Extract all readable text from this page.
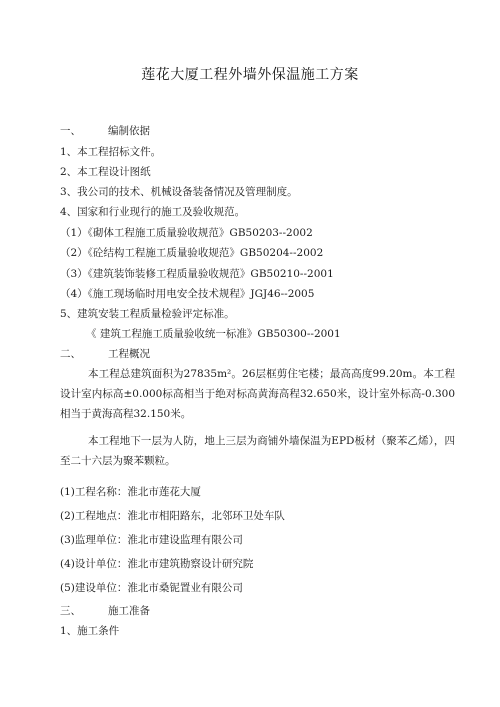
莲花大厦工程外墙外保温施工方案
一、	编制依据
1、本工程招标文件。
2、本工程设计图纸
3、我公司的技术、机械设备装备情况及管理制度。
4、国家和行业现行的施工及验收规范。
（1）《砌体工程施工质量验收规范》GB50203--2002
（2）《砼结构工程施工质量验收规范》GB50204--2002
（3）《建筑装饰装修工程质量验收规范》GB50210--2001
（4）《施工现场临时用电安全技术规程》JGJ46--2005
5、建筑安装工程质量检验评定标准。
《 建筑工程施工质量验收统一标准》GB50300--2001
二、	工程概况
本工程总建筑面积为27835m²。26层框剪住宅楼；最高高度99.20m。本工程设计室内标高±0.000标高相当于绝对标高黄海高程32.650米，设计室外标高-0.300相当于黄海高程32.150米。
本工程地下一层为人防，地上三层为商铺外墙保温为EPD板材（聚苯乙烯），四至二十六层为聚苯颗粒。
(1)工程名称：淮北市莲花大厦
(2)工程地点：淮北市相阳路东，北邻环卫处车队
(3)监理单位：淮北市建设监理有限公司
(4)设计单位：淮北市建筑勘察设计研究院
(5)建设单位：淮北市桑铌置业有限公司
三、	施工准备
1、施工条件
